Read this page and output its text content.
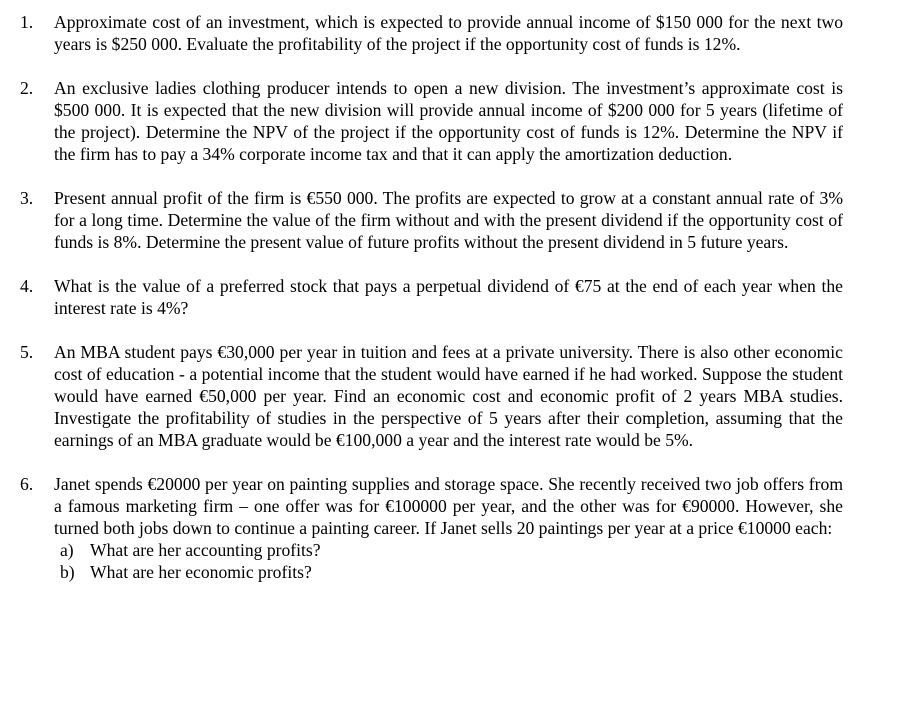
1.	Approximate cost of an investment, which is expected to provide annual income of $150 000 for the next two years is $250 000. Evaluate the profitability of the project if the opportunity cost of funds is 12%.
2.	An exclusive ladies clothing producer intends to open a new division. The investment’s approximate cost is $500 000. It is expected that the new division will provide annual income of $200 000 for 5 years (lifetime of the project). Determine the NPV of the project if the opportunity cost of funds is 12%. Determine the NPV if the firm has to pay a 34% corporate income tax and that it can apply the amortization deduction.
3.	Present annual profit of the firm is €550 000. The profits are expected to grow at a constant annual rate of 3% for a long time. Determine the value of the firm without and with the present dividend if the opportunity cost of funds is 8%. Determine the present value of future profits without the present dividend in 5 future years.
4.	What is the value of a preferred stock that pays a perpetual dividend of €75 at the end of each year when the interest rate is 4%?
5.	An MBA student pays €30,000 per year in tuition and fees at a private university. There is also other economic cost of education - a potential income that the student would have earned if he had worked. Suppose the student would have earned €50,000 per year. Find an economic cost and economic profit of 2 years MBA studies. Investigate the profitability of studies in the perspective of 5 years after their completion, assuming that the earnings of an MBA graduate would be €100,000 a year and the interest rate would be 5%.
6.	Janet spends €20000 per year on painting supplies and storage space. She recently received two job offers from a famous marketing firm – one offer was for €100000 per year, and the other was for €90000. However, she turned both jobs down to continue a painting career. If Janet sells 20 paintings per year at a price €10000 each:
a) What are her accounting profits?
b) What are her economic profits?
